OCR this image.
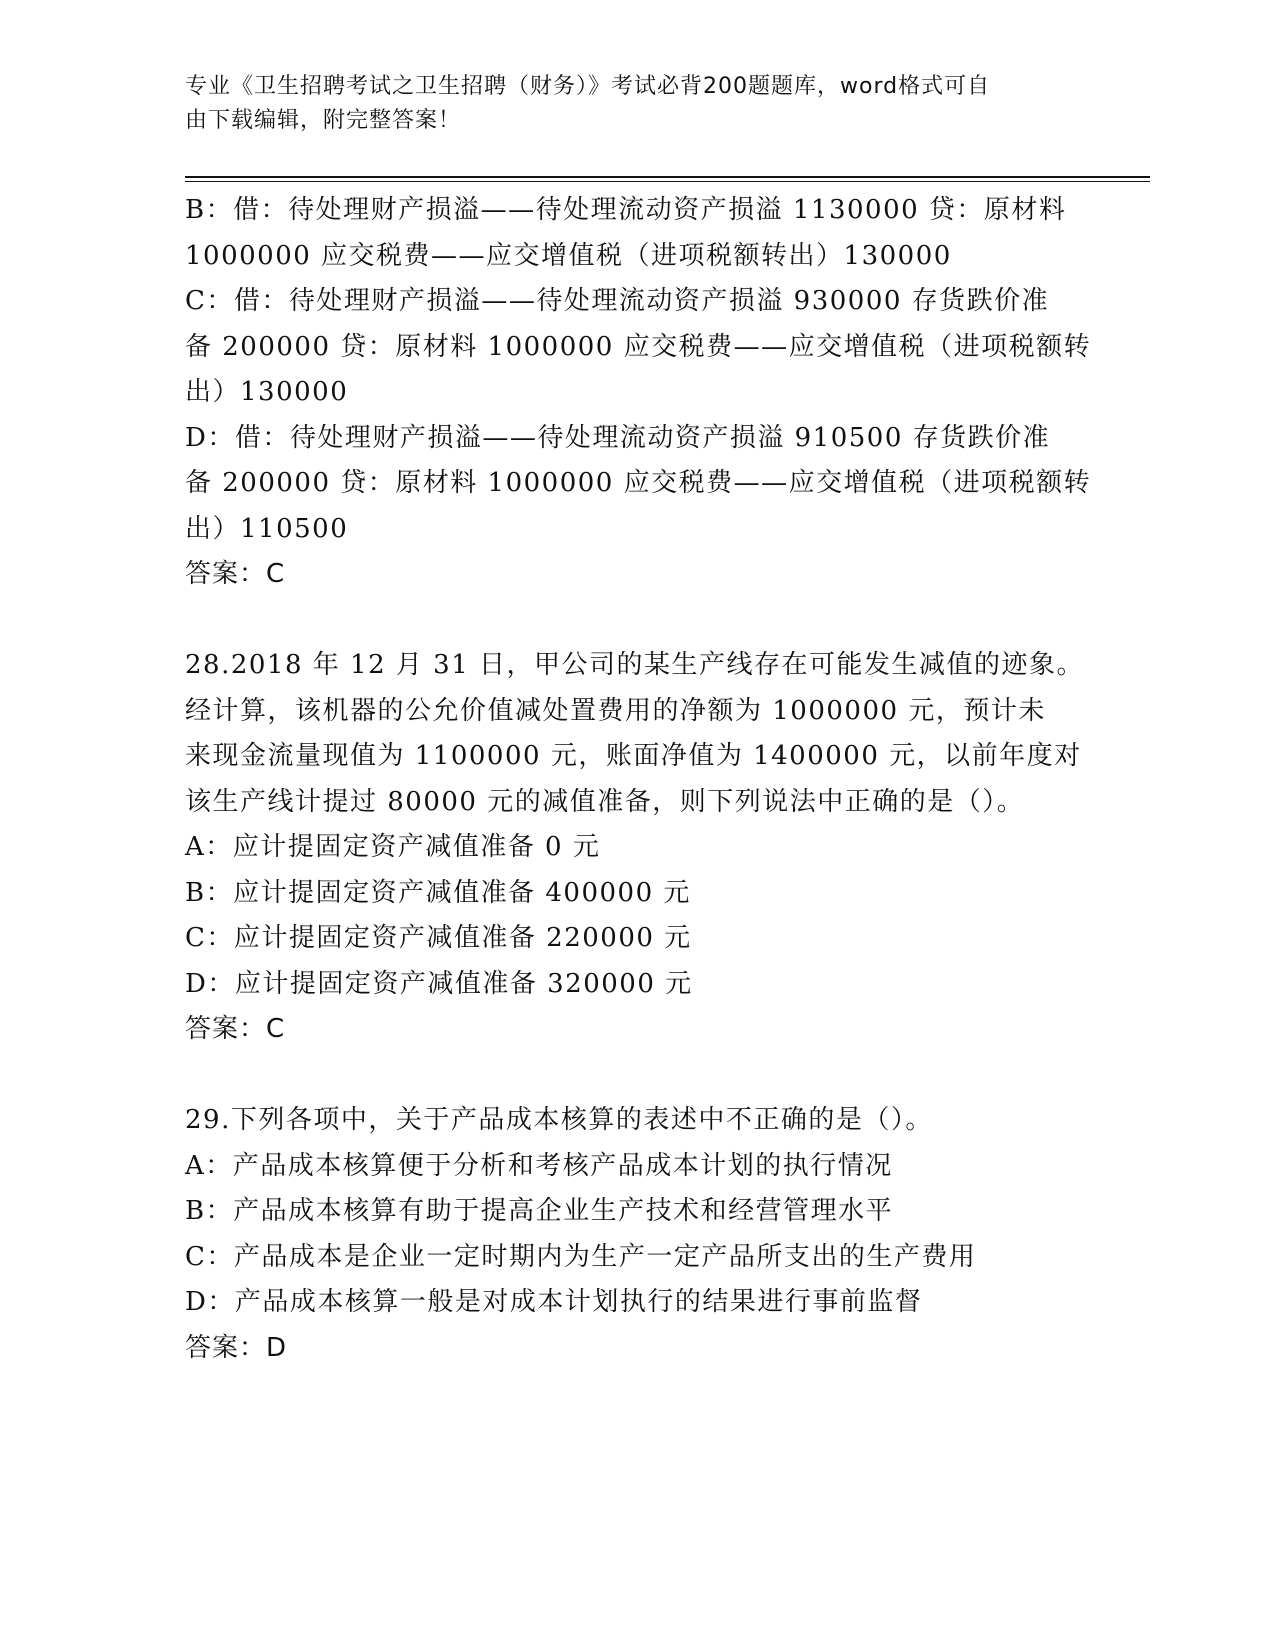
专业《卫生招聘考试之卫生招聘（财务）》考试必背200题题库，word格式可自
由下载编辑，附完整答案！
B：借：待处理财产损溢——待处理流动资产损溢 1130000 贷：原材料
1000000 应交税费——应交增值税（进项税额转出）130000
C：借：待处理财产损溢——待处理流动资产损溢 930000 存货跌价准
备 200000 贷：原材料 1000000 应交税费——应交增值税（进项税额转
出）130000
D：借：待处理财产损溢——待处理流动资产损溢 910500 存货跌价准
备 200000 贷：原材料 1000000 应交税费——应交增值税（进项税额转
出）110500
答案：C
28.2018 年 12 月 31 日，甲公司的某生产线存在可能发生减值的迹象。
经计算，该机器的公允价值减处置费用的净额为 1000000 元，预计未
来现金流量现值为 1100000 元，账面净值为 1400000 元，以前年度对
该生产线计提过 80000 元的减值准备，则下列说法中正确的是（）。
A：应计提固定资产减值准备 0 元
B：应计提固定资产减值准备 400000 元
C：应计提固定资产减值准备 220000 元
D：应计提固定资产减值准备 320000 元
答案：C
29.下列各项中，关于产品成本核算的表述中不正确的是（）。
A：产品成本核算便于分析和考核产品成本计划的执行情况
B：产品成本核算有助于提高企业生产技术和经营管理水平
C：产品成本是企业一定时期内为生产一定产品所支出的生产费用
D：产品成本核算一般是对成本计划执行的结果进行事前监督
答案：D
